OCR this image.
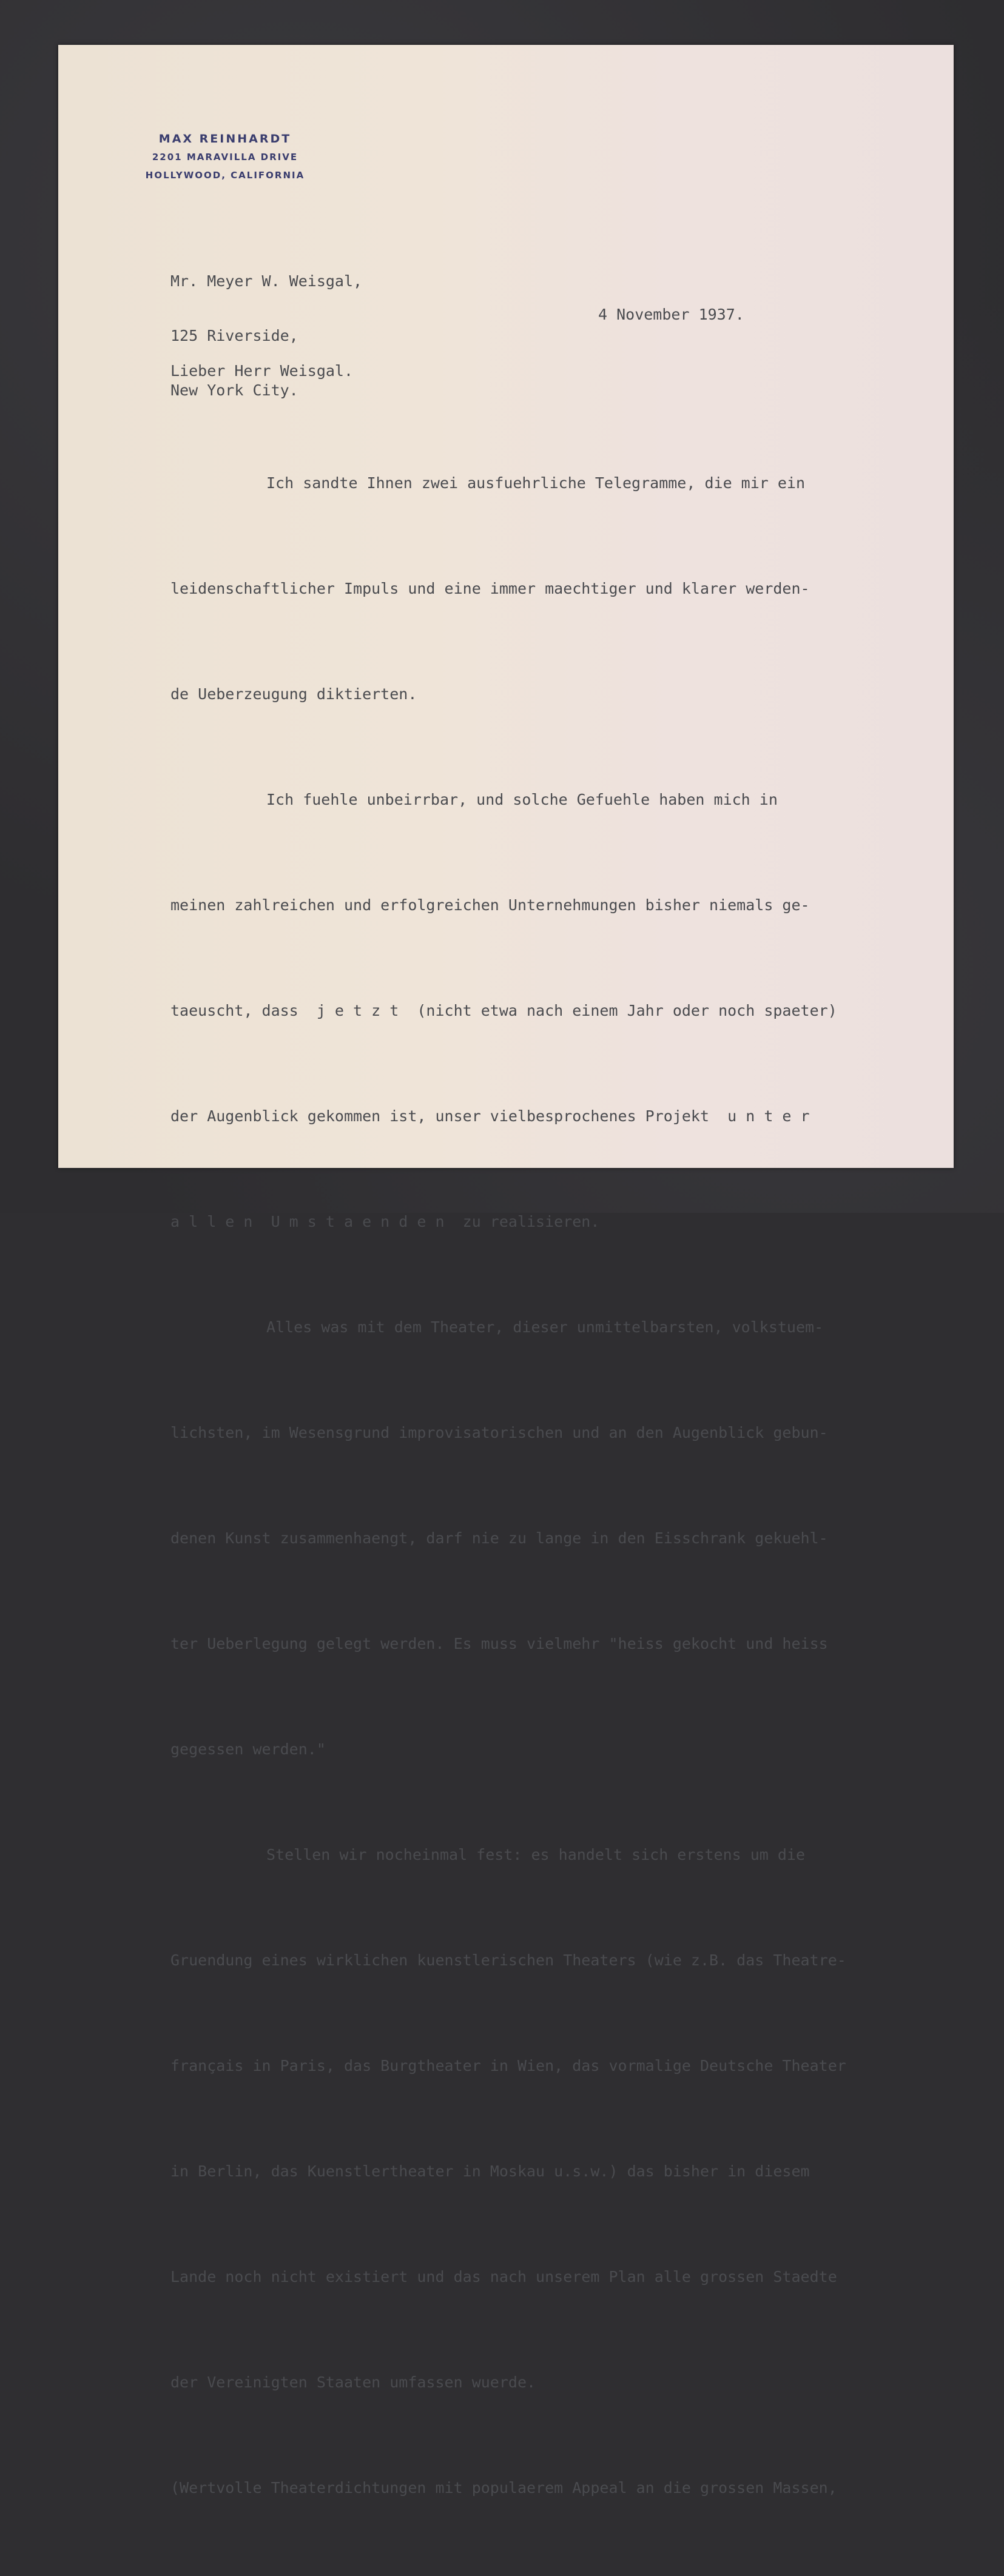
MAX REINHARDT
2201 MARAVILLA DRIVE
HOLLYWOOD, CALIFORNIA

Mr. Meyer W. Weisgal,

125 Riverside,

New York City.

4 November 1937.
Lieber Herr Weisgal.

Ich sandte Ihnen zwei ausfuehrliche Telegramme, die mir ein

leidenschaftlicher Impuls und eine immer maechtiger und klarer werden-

de Ueberzeugung diktierten.

Ich fuehle unbeirrbar, und solche Gefuehle haben mich in

meinen zahlreichen und erfolgreichen Unternehmungen bisher niemals ge-

taeuscht, dass  j e t z t  (nicht etwa nach einem Jahr oder noch spaeter)

der Augenblick gekommen ist, unser vielbesprochenes Projekt  u n t e r

a l l e n  U m s t a e n d e n  zu realisieren.

Alles was mit dem Theater, dieser unmittelbarsten, volkstuem-

lichsten, im Wesensgrund improvisatorischen und an den Augenblick gebun-

denen Kunst zusammenhaengt, darf nie zu lange in den Eisschrank gekuehl-

ter Ueberlegung gelegt werden. Es muss vielmehr "heiss gekocht und heiss

gegessen werden."

Stellen wir nocheinmal fest: es handelt sich erstens um die

Gruendung eines wirklichen kuenstlerischen Theaters (wie z.B. das Theatre-

français in Paris, das Burgtheater in Wien, das vormalige Deutsche Theater

in Berlin, das Kuenstlertheater in Moskau u.s.w.) das bisher in diesem

Lande noch nicht existiert und das nach unserem Plan alle grossen Staedte

der Vereinigten Staaten umfassen wuerde.

(Wertvolle Theaterdichtungen mit populaerem Appeal an die grossen Massen,
